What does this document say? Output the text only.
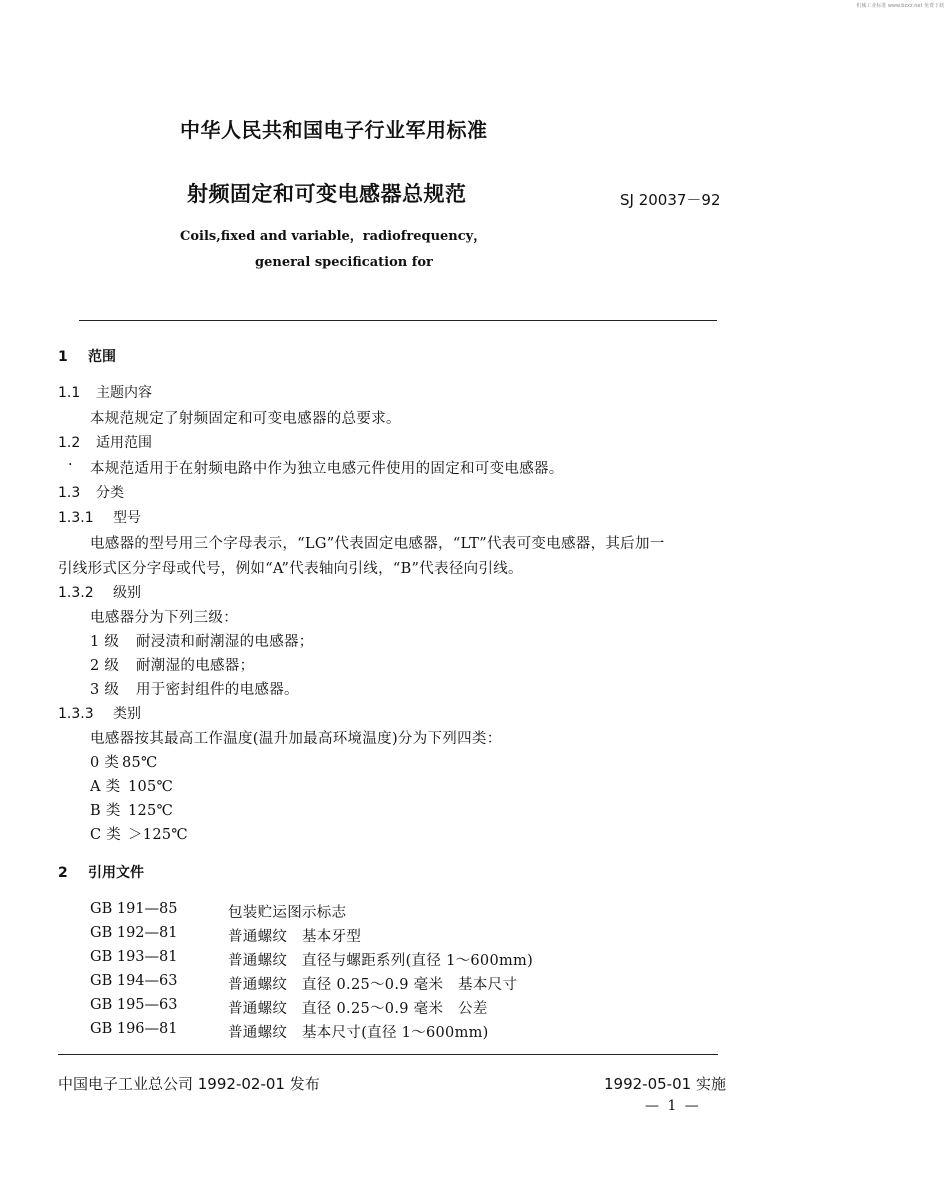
机械工业标准 www.bzxz.net 免费下载
中华人民共和国电子行业军用标准
射频固定和可变电感器总规范	SJ 20037－92
Coils,fixed and variable，radiofrequency，
general specification for
1 范围
1.1 主题内容
本规范规定了射频固定和可变电感器的总要求。
1.2 适用范围
· 本规范适用于在射频电路中作为独立电感元件使用的固定和可变电感器。
1.3 分类
1.3.1 型号
电感器的型号用三个字母表示，“LG”代表固定电感器，“LT”代表可变电感器，其后加一
引线形式区分字母或代号，例如“A”代表轴向引线，“B”代表径向引线。
1.3.2 级别
电感器分为下列三级：
1 级 耐浸渍和耐潮湿的电感器；
2 级 耐潮湿的电感器；
3 级 用于密封组件的电感器。
1.3.3 类别
电感器按其最高工作温度(温升加最高环境温度)分为下列四类：
0 类 85℃
A 类 105℃
B 类 125℃
C 类 ＞125℃
2 引用文件
GB 191—85	包装贮运图示标志
GB 192—81	普通螺纹　基本牙型
GB 193—81	普通螺纹　直径与螺距系列(直径 1～600mm)
GB 194—63	普通螺纹　直径 0.25～0.9 毫米　基本尺寸
GB 195—63	普通螺纹　直径 0.25～0.9 毫米　公差
GB 196—81	普通螺纹　基本尺寸(直径 1～600mm)
中国电子工业总公司 1992-02-01 发布	1992-05-01 实施
— 1 —
